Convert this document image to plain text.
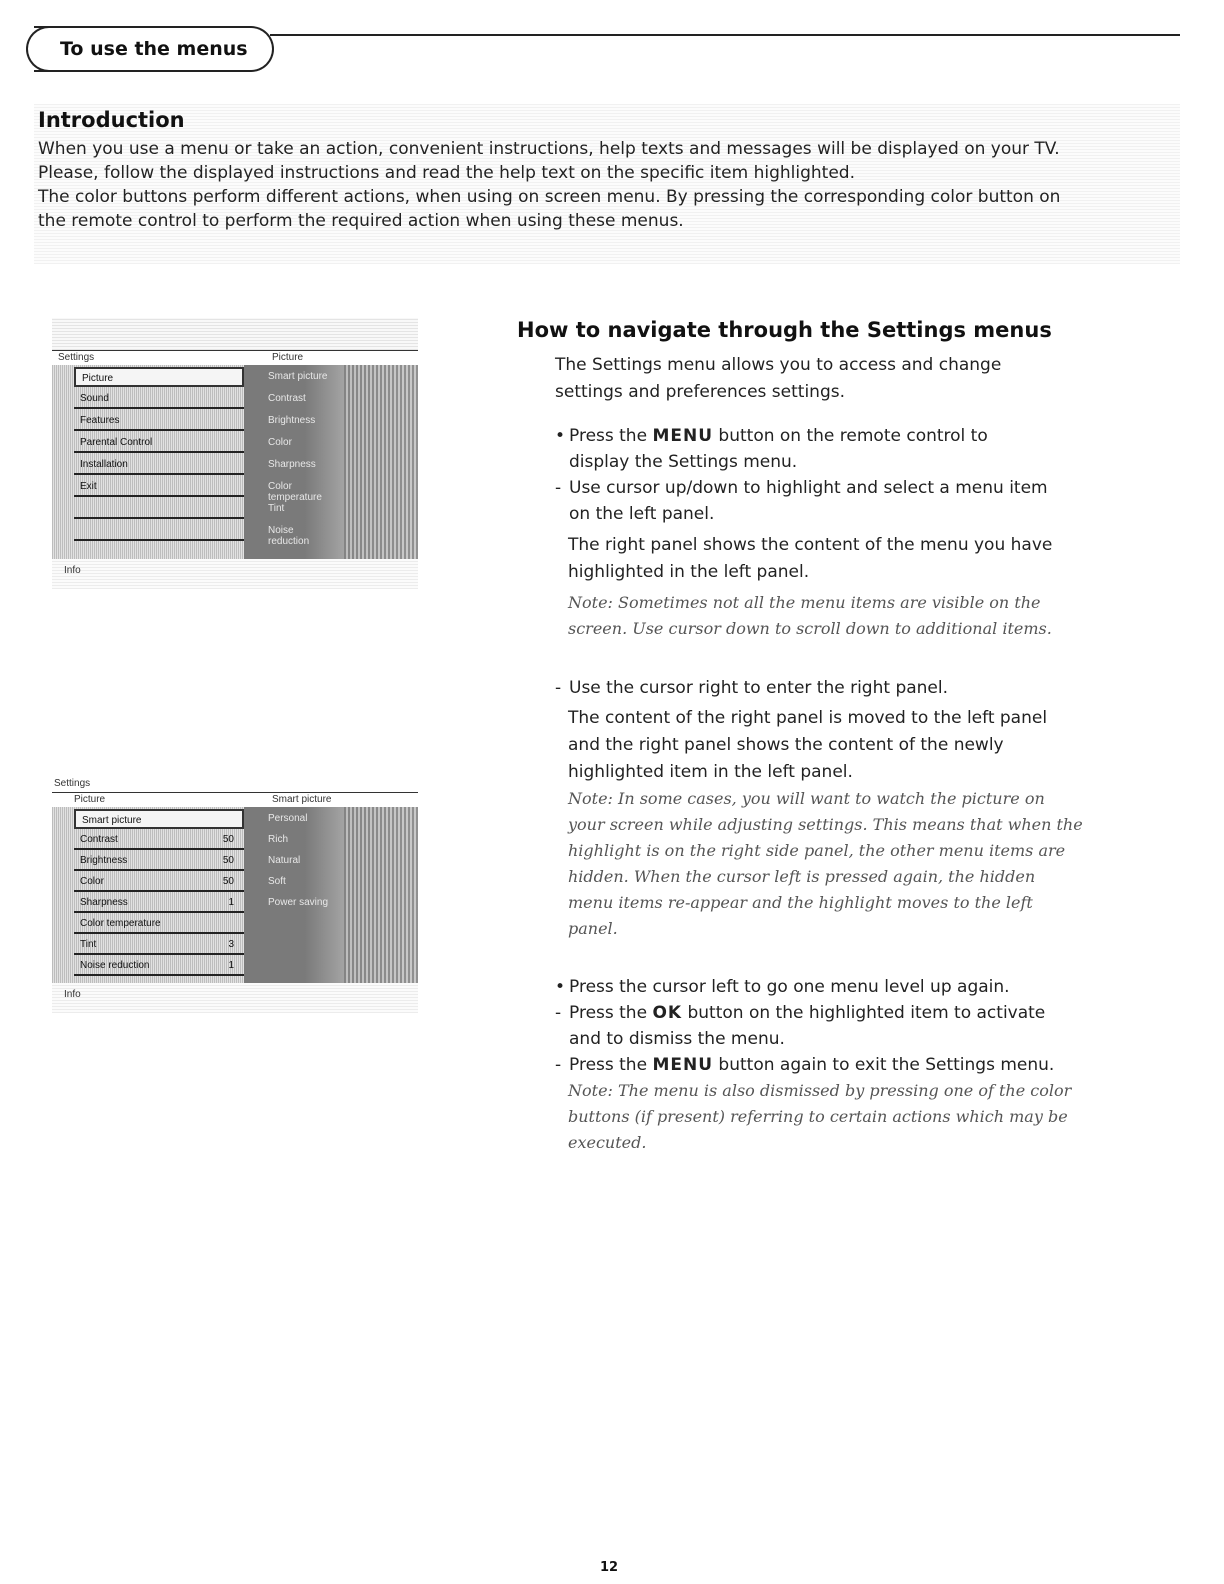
To use the menus
Introduction

When you use a menu or take an action, convenient instructions, help texts and messages will be displayed on your TV.

Please, follow the displayed instructions and read the help text on the specific item highlighted.

The color buttons perform different actions, when using on screen menu. By pressing the corresponding color button on

the remote control to perform the required action when using these menus.

Settings	Picture
Picture
Sound
Features
Parental Control
Installation
Exit
Smart picture
Contrast
Brightness
Color
Sharpness
Color temperature
Tint
Noise reduction
Info
Settings
Picture	Smart picture
Smart picture
Contrast	50
Brightness	50
Color	50
Sharpness	1
Color temperature
Tint	3
Noise reduction	1
Personal
Rich
Natural
Soft
Power saving
Info
How to navigate through the Settings menus

The Settings menu allows you to access and change

settings and preferences settings.

• Press the MENU button on the remote control to
display the Settings menu.
- Use cursor up/down to highlight and select a menu item
on the left panel.

The right panel shows the content of the menu you have

highlighted in the left panel.

Note: Sometimes not all the menu items are visible on the
screen. Use cursor down to scroll down to additional items.
- Use the cursor right to enter the right panel.

The content of the right panel is moved to the left panel

and the right panel shows the content of the newly

highlighted item in the left panel.

Note: In some cases, you will want to watch the picture on
your screen while adjusting settings. This means that when the
highlight is on the right side panel, the other menu items are
hidden. When the cursor left is pressed again, the hidden
menu items re-appear and the highlight moves to the left
panel.
• Press the cursor left to go one menu level up again.
- Press the OK button on the highlighted item to activate
and to dismiss the menu.
- Press the MENU button again to exit the Settings menu.
Note: The menu is also dismissed by pressing one of the color
buttons (if present) referring to certain actions which may be
executed.
12
